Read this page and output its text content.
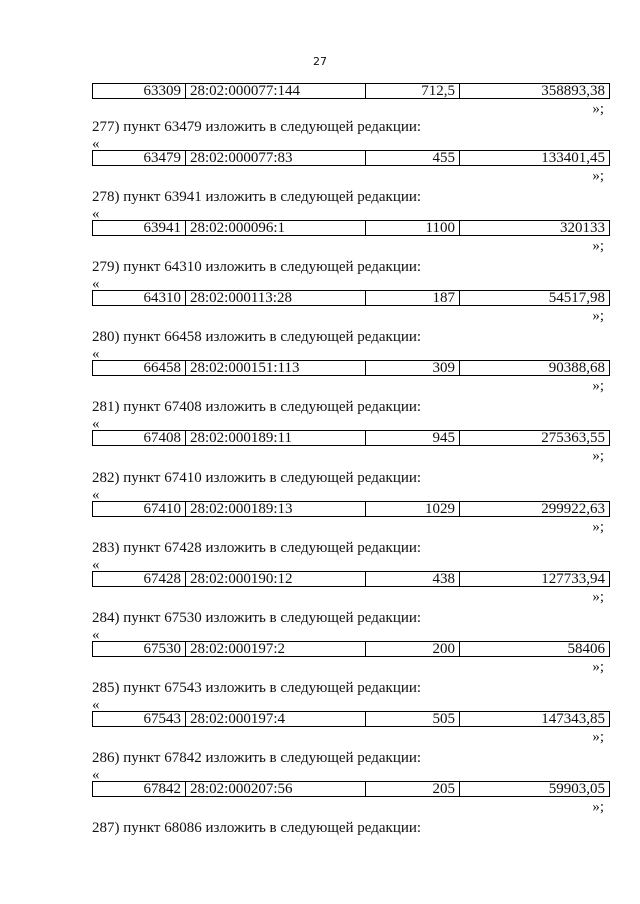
27
63309 28:02:000077:144	712,5	358893,38
»;
277) пункт 63479 изложить в следующей редакции:
«
63479 28:02:000077:83	455	133401,45
»;
278) пункт 63941 изложить в следующей редакции:
«
63941 28:02:000096:1	1100	320133
»;
279) пункт 64310 изложить в следующей редакции:
«
64310 28:02:000113:28	187	54517,98
»;
280) пункт 66458 изложить в следующей редакции:
«
66458 28:02:000151:113	309	90388,68
»;
281) пункт 67408 изложить в следующей редакции:
«
67408 28:02:000189:11	945	275363,55
»;
282) пункт 67410 изложить в следующей редакции:
«
67410 28:02:000189:13	1029	299922,63
»;
283) пункт 67428 изложить в следующей редакции:
«
67428 28:02:000190:12	438	127733,94
»;
284) пункт 67530 изложить в следующей редакции:
«
67530 28:02:000197:2	200	58406
»;
285) пункт 67543 изложить в следующей редакции:
«
67543 28:02:000197:4	505	147343,85
»;
286) пункт 67842 изложить в следующей редакции:
«
67842 28:02:000207:56	205	59903,05
»;
287) пункт 68086 изложить в следующей редакции:
